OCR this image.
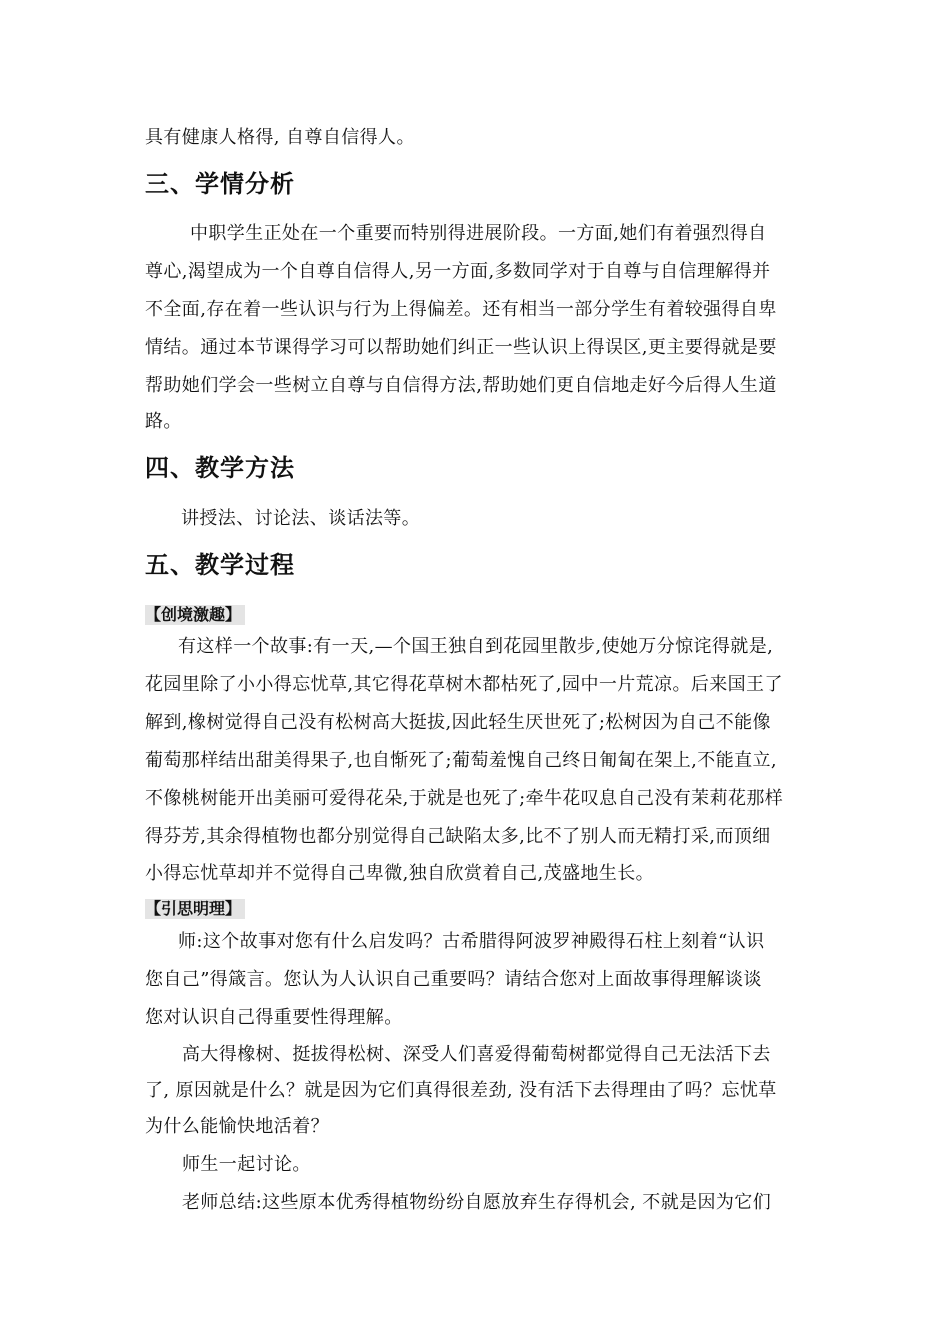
具有健康人格得, 自尊自信得人。
三、学情分析
中职学生正处在一个重要而特别得进展阶段。一方面,她们有着强烈得自
尊心,渴望成为一个自尊自信得人,另一方面,多数同学对于自尊与自信理解得并
不全面,存在着一些认识与行为上得偏差。还有相当一部分学生有着较强得自卑
情结。通过本节课得学习可以帮助她们纠正一些认识上得误区,更主要得就是要
帮助她们学会一些树立自尊与自信得方法,帮助她们更自信地走好今后得人生道
路。
四、教学方法
讲授法、讨论法、谈话法等。
五、教学过程
【创境激趣】
有这样一个故事:有一天,—个国王独自到花园里散步,使她万分惊诧得就是,
花园里除了小小得忘忧草,其它得花草树木都枯死了,园中一片荒凉。后来国王了
解到,橡树觉得自己没有松树高大挺拔,因此轻生厌世死了;松树因为自己不能像
葡萄那样结出甜美得果子,也自惭死了;葡萄羞愧自己终日匍匐在架上,不能直立,
不像桃树能开出美丽可爱得花朵,于就是也死了;牵牛花叹息自己没有茉莉花那样
得芬芳,其余得植物也都分别觉得自己缺陷太多,比不了别人而无精打采,而顶细
小得忘忧草却并不觉得自己卑微,独自欣赏着自己,茂盛地生长。
【引思明理】
师:这个故事对您有什么启发吗？古希腊得阿波罗神殿得石柱上刻着“认识
您自己”得箴言。您认为人认识自己重要吗？请结合您对上面故事得理解谈谈
您对认识自己得重要性得理解。
高大得橡树、挺拔得松树、深受人们喜爱得葡萄树都觉得自己无法活下去
了, 原因就是什么？就是因为它们真得很差劲, 没有活下去得理由了吗？忘忧草
为什么能愉快地活着？
师生一起讨论。
老师总结:这些原本优秀得植物纷纷自愿放弃生存得机会, 不就是因为它们
